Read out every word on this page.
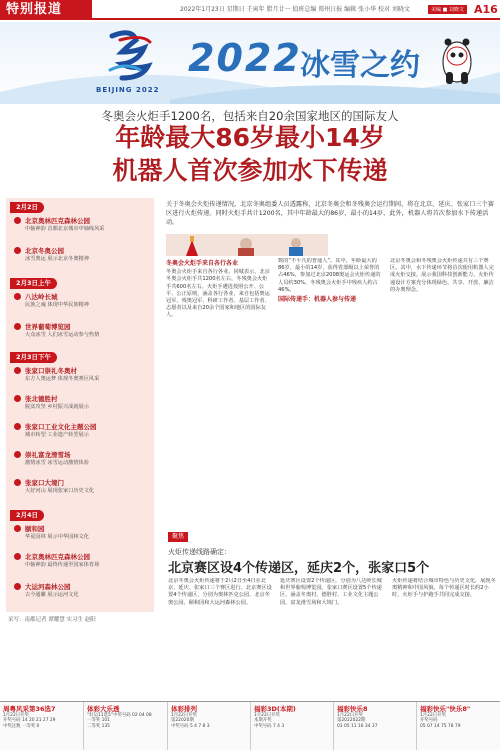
特别报道	2022年1月23日 星期日 壬寅年 腊月廿一 值班总编 郑州日报 编辑 张小华 校对 刘晓文	美编 ■ 刘晓文 A16
BEIJING 2022
2022
冰雪之约
冬奥会火炬手1200名，包括来自20余国家地区的国际友人
年龄最大86岁最小14岁
机器人首次参加水下传递
2月2日
北京奥林匹克森林公园
中轴神韵 首都北京城市中轴线风采
北京冬奥公园
冰雪奥运 展示北京冬奥精神
2月3日上午
八达岭长城
民族之魂 体现中华民族精神
世界葡萄博览园
大众冰雪 人们冰雪运动参与热情
2月3日下午
张家口崇礼冬奥村
东方人奥运梦 体现冬奥赛区风采
张北德胜村
脱贫攻坚 乡村振兴成就展示
张家口工业文化主题公园
城市转型 工业遗产转型展示
崇礼富龙滑雪场
激情冰雪 冰雪运动激情体验
张家口大境门
大好河山 展现张家口历史文化
2月4日
颐和园
华夏园林 展示中华园林文化
北京奥林匹克森林公园
中轴神韵 最终传递至国家体育场
大运河森林公园
古今通衢 展示运河文化
采写：南都记者 谭耀慧 实习生 赵阳
关于冬奥会火炬传递情况，北京冬奥组委人员透露称，北京冬奥会和冬残奥会运行期间，将在北京、延庆、张家口三个赛区进行火炬传递。同时火炬手共计1200名，其中年龄最大的86岁，最小的14岁，此外，机器人将首次参加水下传递活动。
冬奥会火炬手来自各行各业
冬奥会火炬手来自各行各业。同城表示，北京冬奥会火炬手共1200名左右，冬残奥会火炬手共600名左右。火炬手遴选按照公开、公平、公正原则，涵盖各行各业，来自包括奥运冠军、残奥冠军、科研工作者、基层工作者、志愿者以及来自20余个国家和地区的国际友人。
数的“不平凡的普通人”。其中，年龄最大的86岁，最小的14岁，获得省部级以上荣誉的占46%，参加过北京2008奥运会火炬传递的人员约30%。冬残奥会火炬手中残疾人约占46%。
国际传递手：机器人参与传递
北京冬奥会和冬残奥会火炬传递共有三个赛区。其中，水下传递环节将首次使用机器人完成火炬交接，展示我国科技创新能力。火炬传递设计方案充分体现绿色、共享、开放、廉洁的办奥理念。
聚焦
火炬传递线路确定：
北京赛区设4个传递区，延庆2个，张家口5个
北京冬奥会火炬传递将于2月2日至4日在北京、延庆、张家口三个赛区进行。北京赛区设置4个传递区，分别为奥林匹克公园、北京冬奥公园、颐和园和大运河森林公园。
延庆赛区设置2个传递区，分别为八达岭长城和世界葡萄博览园。张家口赛区设置5个传递区，涵盖冬奥村、德胜村、工业文化主题公园、富龙滑雪场和大境门。
火炬传递将结合城市特色与历史文化，展现冬奥精神和中国风貌，每个传递区时长约2小时，火炬手与护跑手共同完成交接。
周粤风采第36选7
1月22日开奖
开奖号码 14 20 21 27 29
中奖注数 一等奖 0
体彩大乐透
“好运11选5”中奖号码 02 04 08
一等奖 101
二等奖 135
体彩排列
1月22日开奖
第22020期
中奖号码 5 4 7 8 3
福彩3D(本期)
1月22日开奖
本期开奖
中奖号码 7 4 3
福彩快乐8
1月22日开奖
第2022022期
03 05 11 16 34 37
福彩快乐"快乐8"
1月22日开奖
开奖号码
05 07 14 75 78 79
